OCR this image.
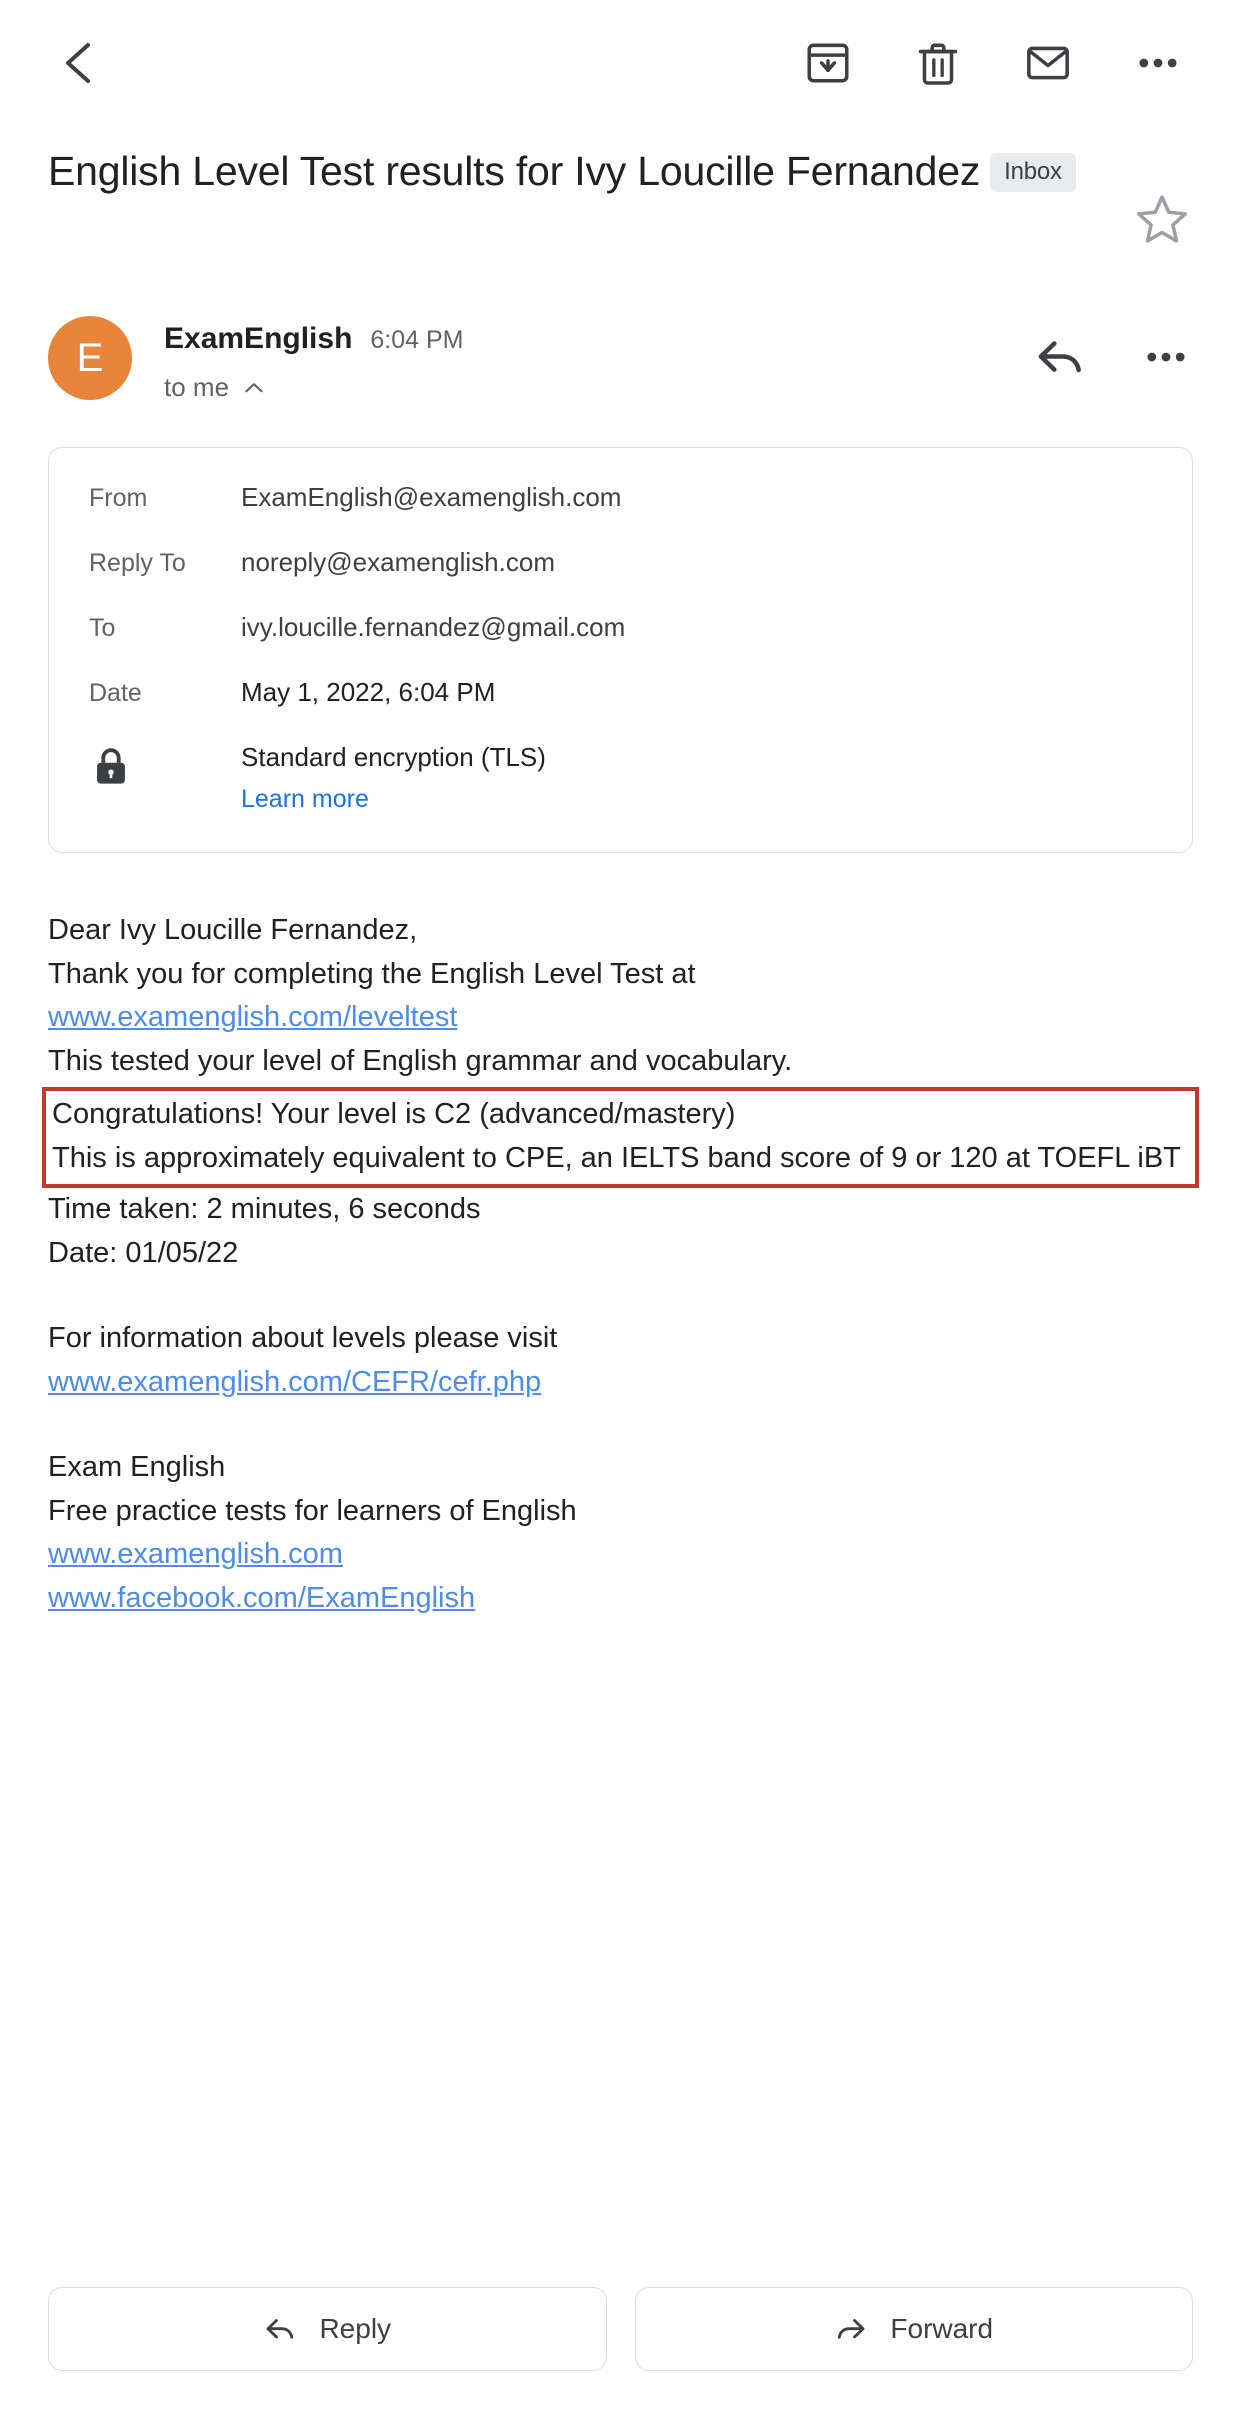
English Level Test results for Ivy Loucille Fernandez Inbox
E ExamEnglish 6:04 PM
to me
From	ExamEnglish@examenglish.com
Reply To	noreply@examenglish.com
To	ivy.loucille.fernandez@gmail.com
Date	May 1, 2022, 6:04 PM
Standard encryption (TLS)
Learn more
Dear Ivy Loucille Fernandez,
Thank you for completing the English Level Test at
www.examenglish.com/leveltest
This tested your level of English grammar and vocabulary.
Congratulations! Your level is C2 (advanced/mastery)
This is approximately equivalent to CPE, an IELTS band score of 9 or 120 at TOEFL iBT
Time taken: 2 minutes, 6 seconds
Date: 01/05/22
For information about levels please visit
www.examenglish.com/CEFR/cefr.php
Exam English
Free practice tests for learners of English
www.examenglish.com
www.facebook.com/ExamEnglish
Reply	Forward
